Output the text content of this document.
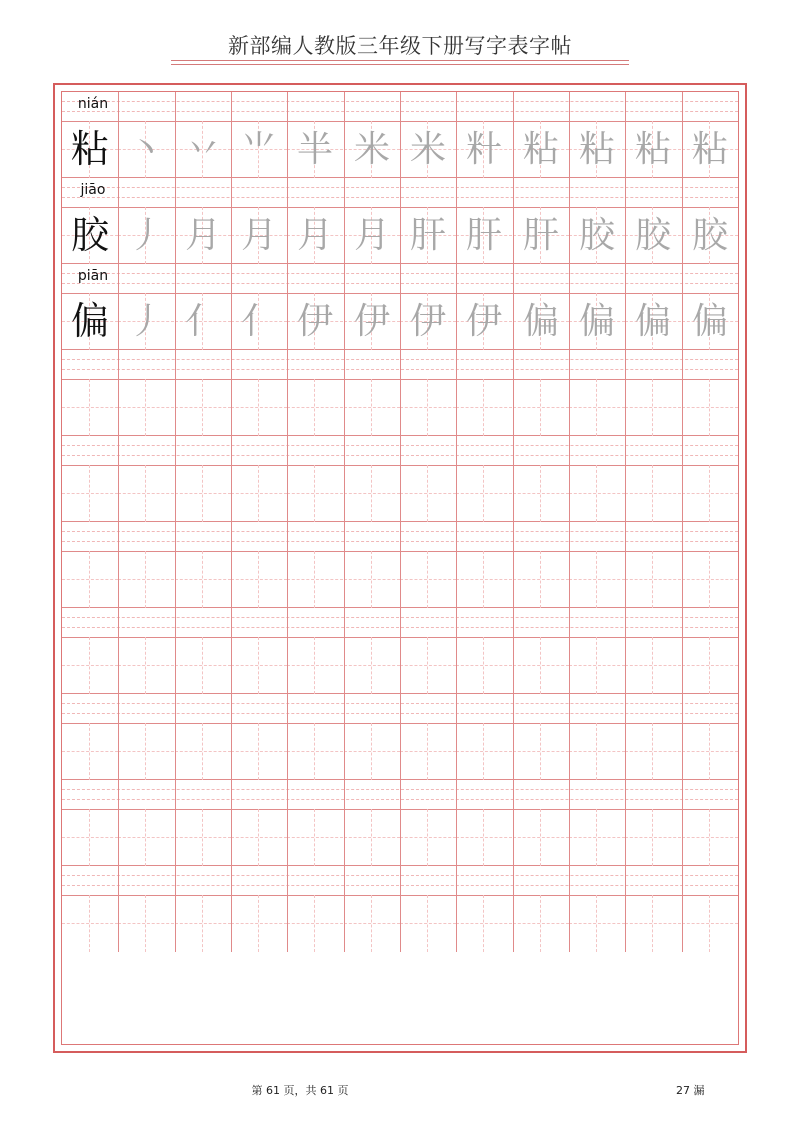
新部编人教版三年级下册写字表字帖
nián
粘 丶 丷 ⺌ 半 米 米 籵 粘 粘 粘 粘
jiāo
胶 丿 月 月 月 月 肝 肝 肝 胶 胶 胶
piān
偏 丿 亻 亻 伊 伊 伊 伊 偏 偏 偏 偏
第 61 页，共 61 页	27 漏
